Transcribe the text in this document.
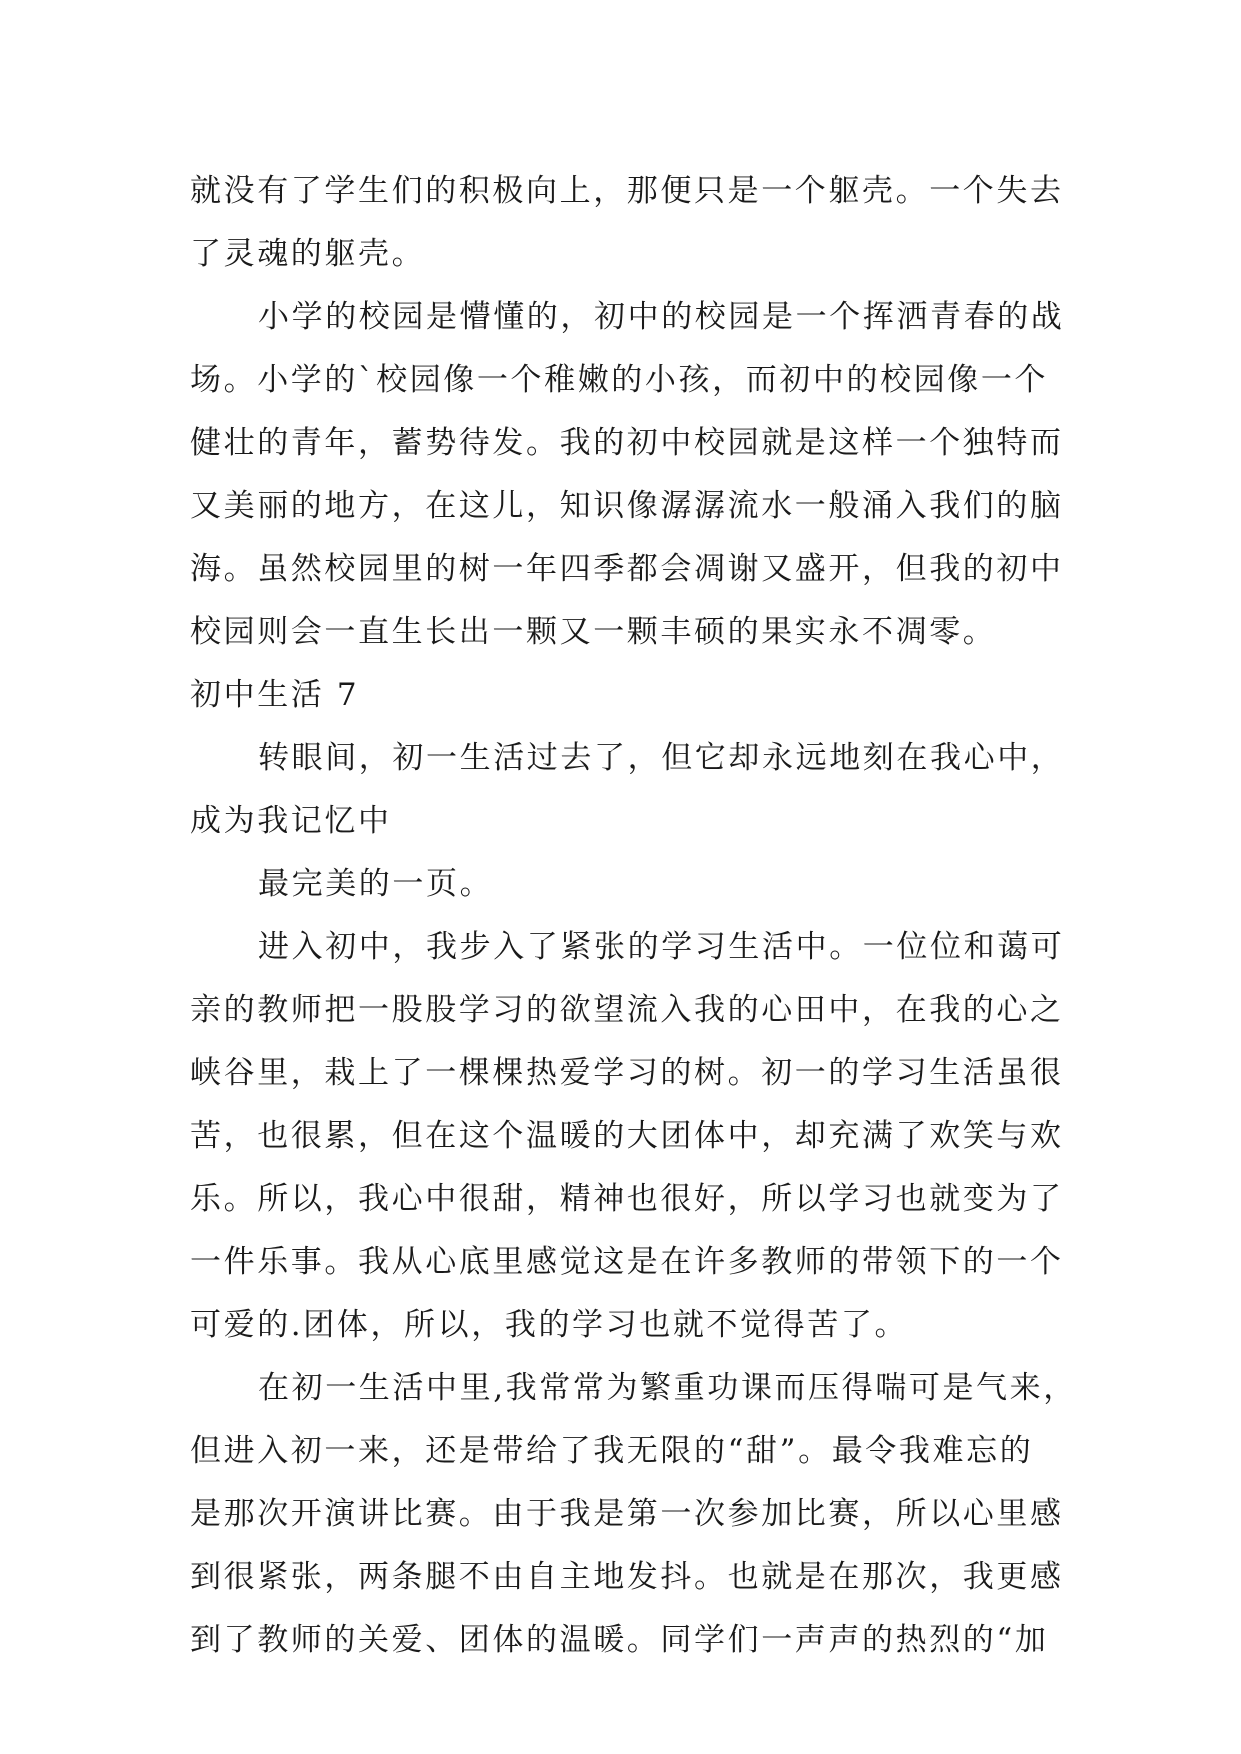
就没有了学生们的积极向上，那便只是一个躯壳。一个失去
了灵魂的躯壳。
小学的校园是懵懂的，初中的校园是一个挥洒青春的战
场。小学的`校园像一个稚嫩的小孩，而初中的校园像一个
健壮的青年，蓄势待发。我的初中校园就是这样一个独特而
又美丽的地方，在这儿，知识像潺潺流水一般涌入我们的脑
海。虽然校园里的树一年四季都会凋谢又盛开，但我的初中
校园则会一直生长出一颗又一颗丰硕的果实永不凋零。
初中生活 7
转眼间，初一生活过去了，但它却永远地刻在我心中，
成为我记忆中
最完美的一页。
进入初中，我步入了紧张的学习生活中。一位位和蔼可
亲的教师把一股股学习的欲望流入我的心田中，在我的心之
峡谷里，栽上了一棵棵热爱学习的树。初一的学习生活虽很
苦，也很累，但在这个温暖的大团体中，却充满了欢笑与欢
乐。所以，我心中很甜，精神也很好，所以学习也就变为了
一件乐事。我从心底里感觉这是在许多教师的带领下的一个
可爱的.团体，所以，我的学习也就不觉得苦了。
在初一生活中里,我常常为繁重功课而压得喘可是气来，
但进入初一来，还是带给了我无限的“甜”。最令我难忘的
是那次开演讲比赛。由于我是第一次参加比赛，所以心里感
到很紧张，两条腿不由自主地发抖。也就是在那次，我更感
到了教师的关爱、团体的温暖。同学们一声声的热烈的“加
